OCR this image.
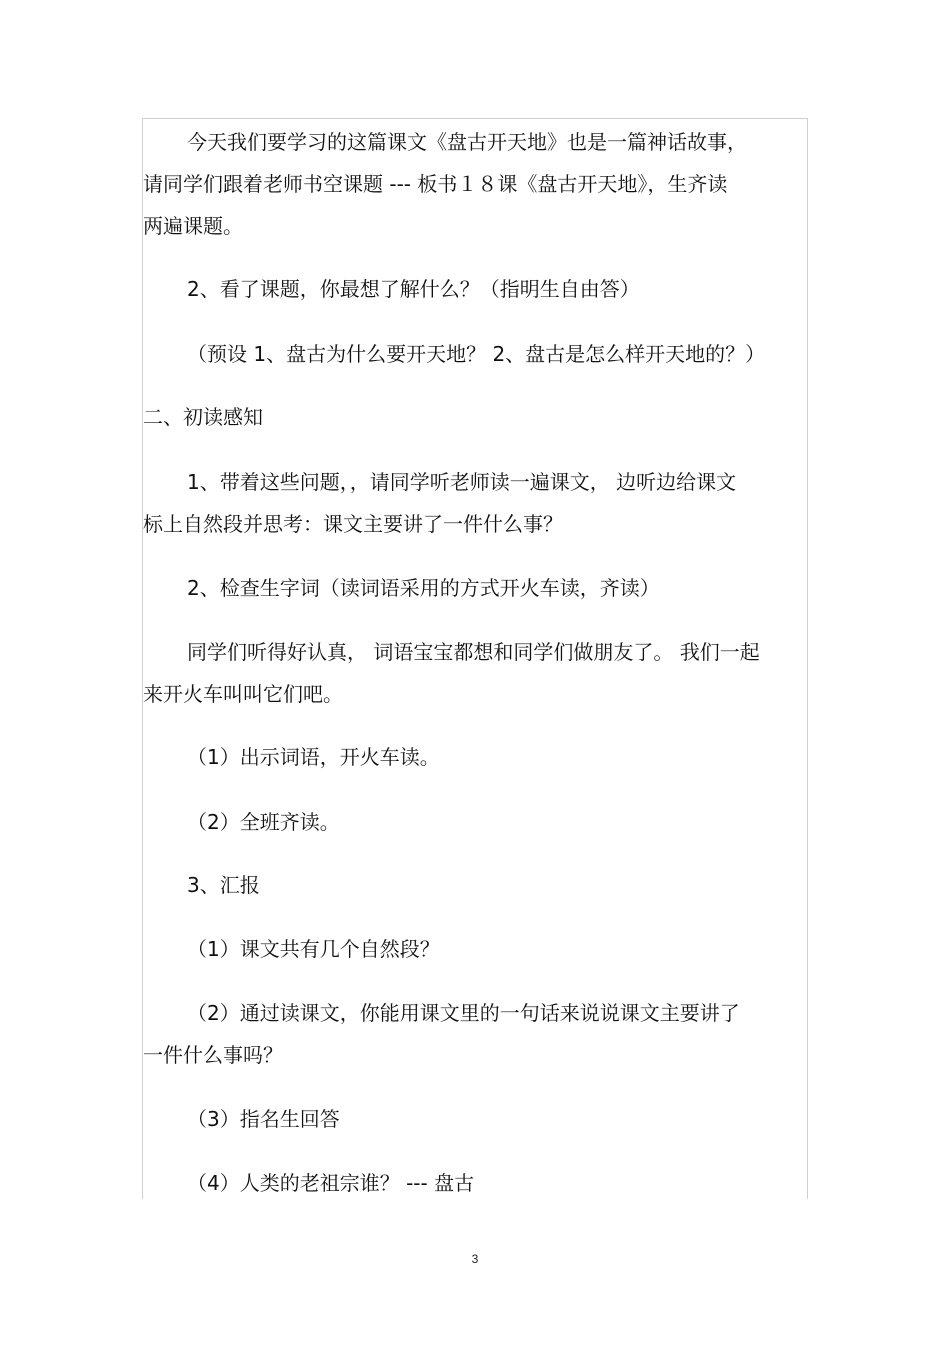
今天我们要学习的这篇课文《盘古开天地》也是一篇神话故事，
请同学们跟着老师书空课题 --- 板书１８课《盘古开天地》，生齐读
两遍课题。
2、看了课题，你最想了解什么？（指明生自由答）
（预设 1、盘古为什么要开天地？ 2、盘古是怎么样开天地的？）
二、初读感知
1、带着这些问题，，请同学听老师读一遍课文， 边听边给课文
标上自然段并思考：课文主要讲了一件什么事？
2、检查生字词（读词语采用的方式开火车读，齐读）
同学们听得好认真， 词语宝宝都想和同学们做朋友了。 我们一起
来开火车叫叫它们吧。
（1）出示词语，开火车读。
（2）全班齐读。
3、汇报
（1）课文共有几个自然段？
（2）通过读课文，你能用课文里的一句话来说说课文主要讲了
一件什么事吗？
（3）指名生回答
（4）人类的老祖宗谁？ --- 盘古
3
